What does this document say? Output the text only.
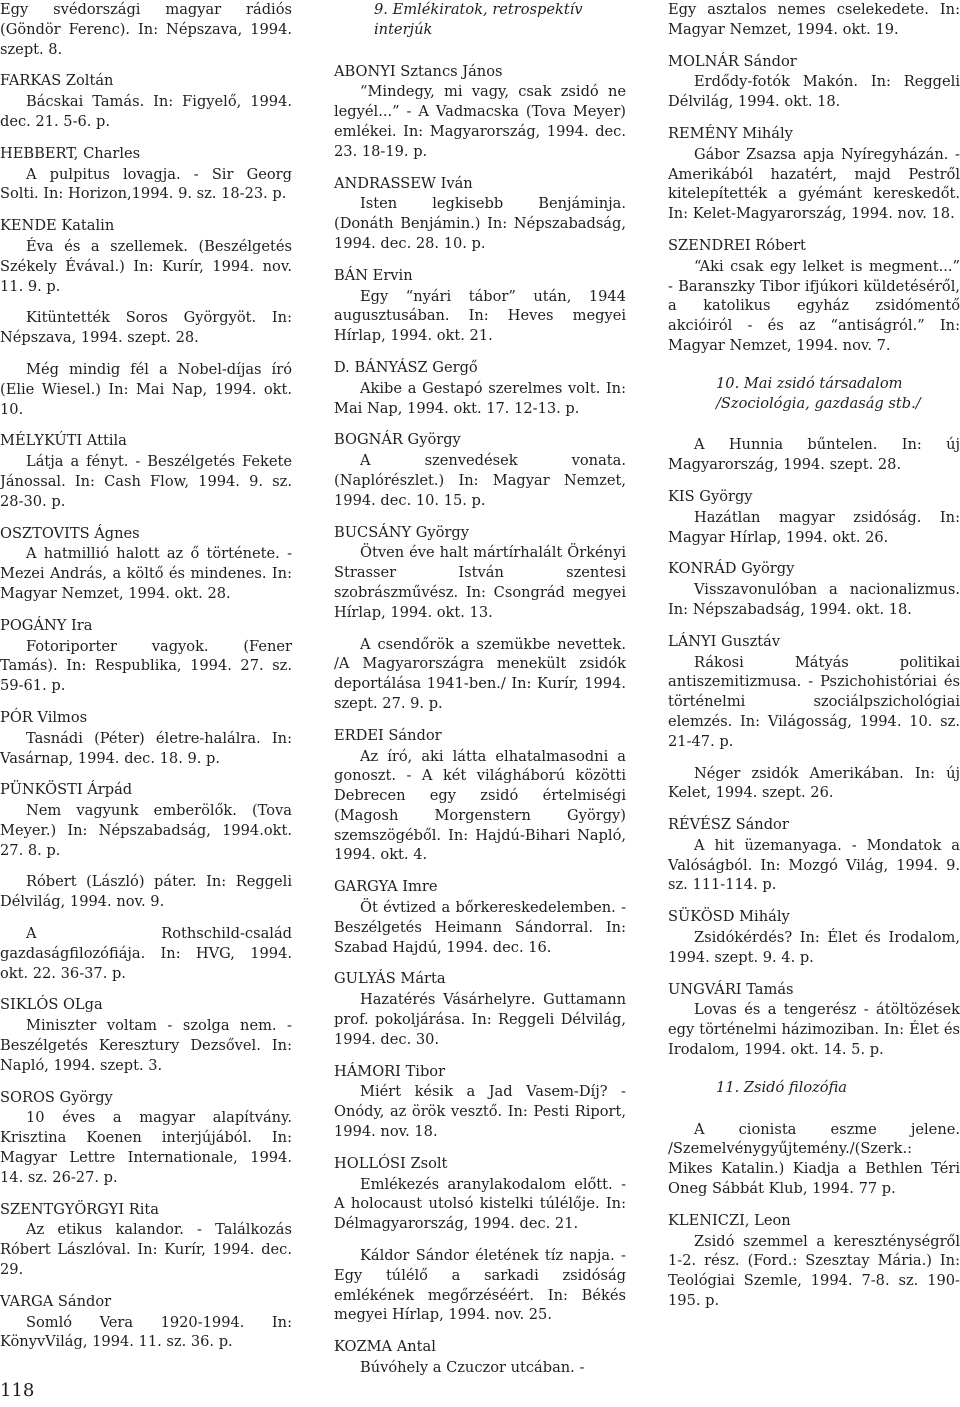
Egy svédországi magyar rádiós (Göndör Ferenc). In: Népszava, 1994. szept. 8.

FARKAS Zoltán

Bácskai Tamás. In: Figyelő, 1994. dec. 21. 5-6. p.

HEBBERT, Charles

A pulpitus lovagja. - Sir Georg Solti. In: Horizon,1994. 9. sz. 18-23. p.

KENDE Katalin

Éva és a szellemek. (Beszélgetés Székely Évával.) In: Kurír, 1994. nov. 11. 9. p.

Kitüntették Soros Györgyöt. In: Népszava, 1994. szept. 28.

Még mindig fél a Nobel-díjas író (Elie Wiesel.) In: Mai Nap, 1994. okt. 10.

MÉLYKÚTI Attila

Látja a fényt. - Beszélgetés Fekete Jánossal. In: Cash Flow, 1994. 9. sz. 28-30. p.

OSZTOVITS Ágnes

A hatmillió halott az ő története. - Mezei András, a költő és mindenes. In: Magyar Nemzet, 1994. okt. 28.

POGÁNY Ira

Fotoriporter vagyok. (Fener Tamás). In: Respublika, 1994. 27. sz. 59-61. p.

PÓR Vilmos

Tasnádi (Péter) életre-halálra. In: Vasárnap, 1994. dec. 18. 9. p.

PÜNKÖSTI Árpád

Nem vagyunk emberölők. (Tova Meyer.) In: Népszabadság, 1994.okt. 27. 8. p.

Róbert (László) páter. In: Reggeli Délvilág, 1994. nov. 9.

A Rothschild-család gazdaságfilozófiája. In: HVG, 1994. okt. 22. 36-37. p.

SIKLÓS OLga

Miniszter voltam - szolga nem. - Beszélgetés Keresztury Dezsővel. In: Napló, 1994. szept. 3.

SOROS György

10 éves a magyar alapítvány. Krisztina Koenen interjújából. In: Magyar Lettre Internationale, 1994. 14. sz. 26-27. p.

SZENTGYÖRGYI Rita

Az etikus kalandor. - Találkozás Róbert Lászlóval. In: Kurír, 1994. dec. 29.

VARGA Sándor

Somló Vera 1920-1994. In: KönyvVilág, 1994. 11. sz. 36. p.

9. Emlékiratok, retrospektív interjúk

ABONYI Sztancs János

“Mindegy, mi vagy, csak zsidó ne legyél...” - A Vadmacska (Tova Meyer) emlékei. In: Magyarország, 1994. dec. 23. 18-19. p.

ANDRASSEW Iván

Isten legkisebb Benjáminja. (Donáth Benjámin.) In: Népszabadság, 1994. dec. 28. 10. p.

BÁN Ervin

Egy “nyári tábor” után, 1944 augusztusában. In: Heves megyei Hírlap, 1994. okt. 21.

D. BÁNYÁSZ Gergő

Akibe a Gestapó szerelmes volt. In: Mai Nap, 1994. okt. 17. 12-13. p.

BOGNÁR György

A szenvedések vonata. (Naplórészlet.) In: Magyar Nemzet, 1994. dec. 10. 15. p.

BUCSÁNY György

Ötven éve halt mártírhalált Örkényi Strasser István szentesi szobrászművész. In: Csongrád megyei Hírlap, 1994. okt. 13.

A csendőrök a szemükbe nevettek. /A Magyarországra menekült zsidók deportálása 1941-ben./ In: Kurír, 1994. szept. 27. 9. p.

ERDEI Sándor

Az író, aki látta elhatalmasodni a gonoszt. - A két világháború közötti Debrecen egy zsidó értelmiségi (Magosh Morgenstern György) szemszögéből. In: Hajdú-Bihari Napló, 1994. okt. 4.

GARGYA Imre

Öt évtized a bőrkereskedelemben. - Beszélgetés Heimann Sándorral. In: Szabad Hajdú, 1994. dec. 16.

GULYÁS Márta

Hazatérés Vásárhelyre. Guttamann prof. pokoljárása. In: Reggeli Délvilág, 1994. dec. 30.

HÁMORI Tibor

Miért késik a Jad Vasem-Díj? - Onódy, az örök vesztő. In: Pesti Riport, 1994. nov. 18.

HOLLÓSI Zsolt

Emlékezés aranylakodalom előtt. - A holocaust utolsó kistelki túlélője. In: Délmagyarország, 1994. dec. 21.

Káldor Sándor életének tíz napja. - Egy túlélő a sarkadi zsidóság emlékének megőrzéséért. In: Békés megyei Hírlap, 1994. nov. 25.

KOZMA Antal

Búvóhely a Czuczor utcában. -

Egy asztalos nemes cselekedete. In: Magyar Nemzet, 1994. okt. 19.

MOLNÁR Sándor

Erdődy-fotók Makón. In: Reggeli Délvilág, 1994. okt. 18.

REMÉNY Mihály

Gábor Zsazsa apja Nyíregyházán. - Amerikából hazatért, majd Pestről kitelepítették a gyémánt kereskedőt. In: Kelet-Magyarország, 1994. nov. 18.

SZENDREI Róbert

“Aki csak egy lelket is megment...” - Baranszky Tibor ifjúkori küldetéséről, a katolikus egyház zsidómentő akcióiról - és az “antiságról.” In: Magyar Nemzet, 1994. nov. 7.

10. Mai zsidó társadalom /Szociológia, gazdaság stb./

A Hunnia bűntelen. In: új Magyarország, 1994. szept. 28.

KIS György

Hazátlan magyar zsidóság. In: Magyar Hírlap, 1994. okt. 26.

KONRÁD György

Visszavonulóban a nacionalizmus. In: Népszabadság, 1994. okt. 18.

LÁNYI Gusztáv

Rákosi Mátyás politikai antiszemitizmusa. - Pszichohistóriai és történelmi szociálpszichológiai elemzés. In: Világosság, 1994. 10. sz. 21-47. p.

Néger zsidók Amerikában. In: új Kelet, 1994. szept. 26.

RÉVÉSZ Sándor

A hit üzemanyaga. - Mondatok a Valóságból. In: Mozgó Világ, 1994. 9. sz. 111-114. p.

SÜKÖSD Mihály

Zsidókérdés? In: Élet és Irodalom, 1994. szept. 9. 4. p.

UNGVÁRI Tamás

Lovas és a tengerész - átöltözések egy történelmi házimoziban. In: Élet és Irodalom, 1994. okt. 14. 5. p.

11. Zsidó filozófia

A cionista eszme jelene. /Szemelvénygyűjtemény./(Szerk.: Mikes Katalin.) Kiadja a Bethlen Téri Oneg Sábbát Klub, 1994. 77 p.

KLENICZI, Leon

Zsidó szemmel a kereszténységről 1-2. rész. (Ford.: Szesztay Mária.) In: Teológiai Szemle, 1994. 7-8. sz. 190-195. p.

118
